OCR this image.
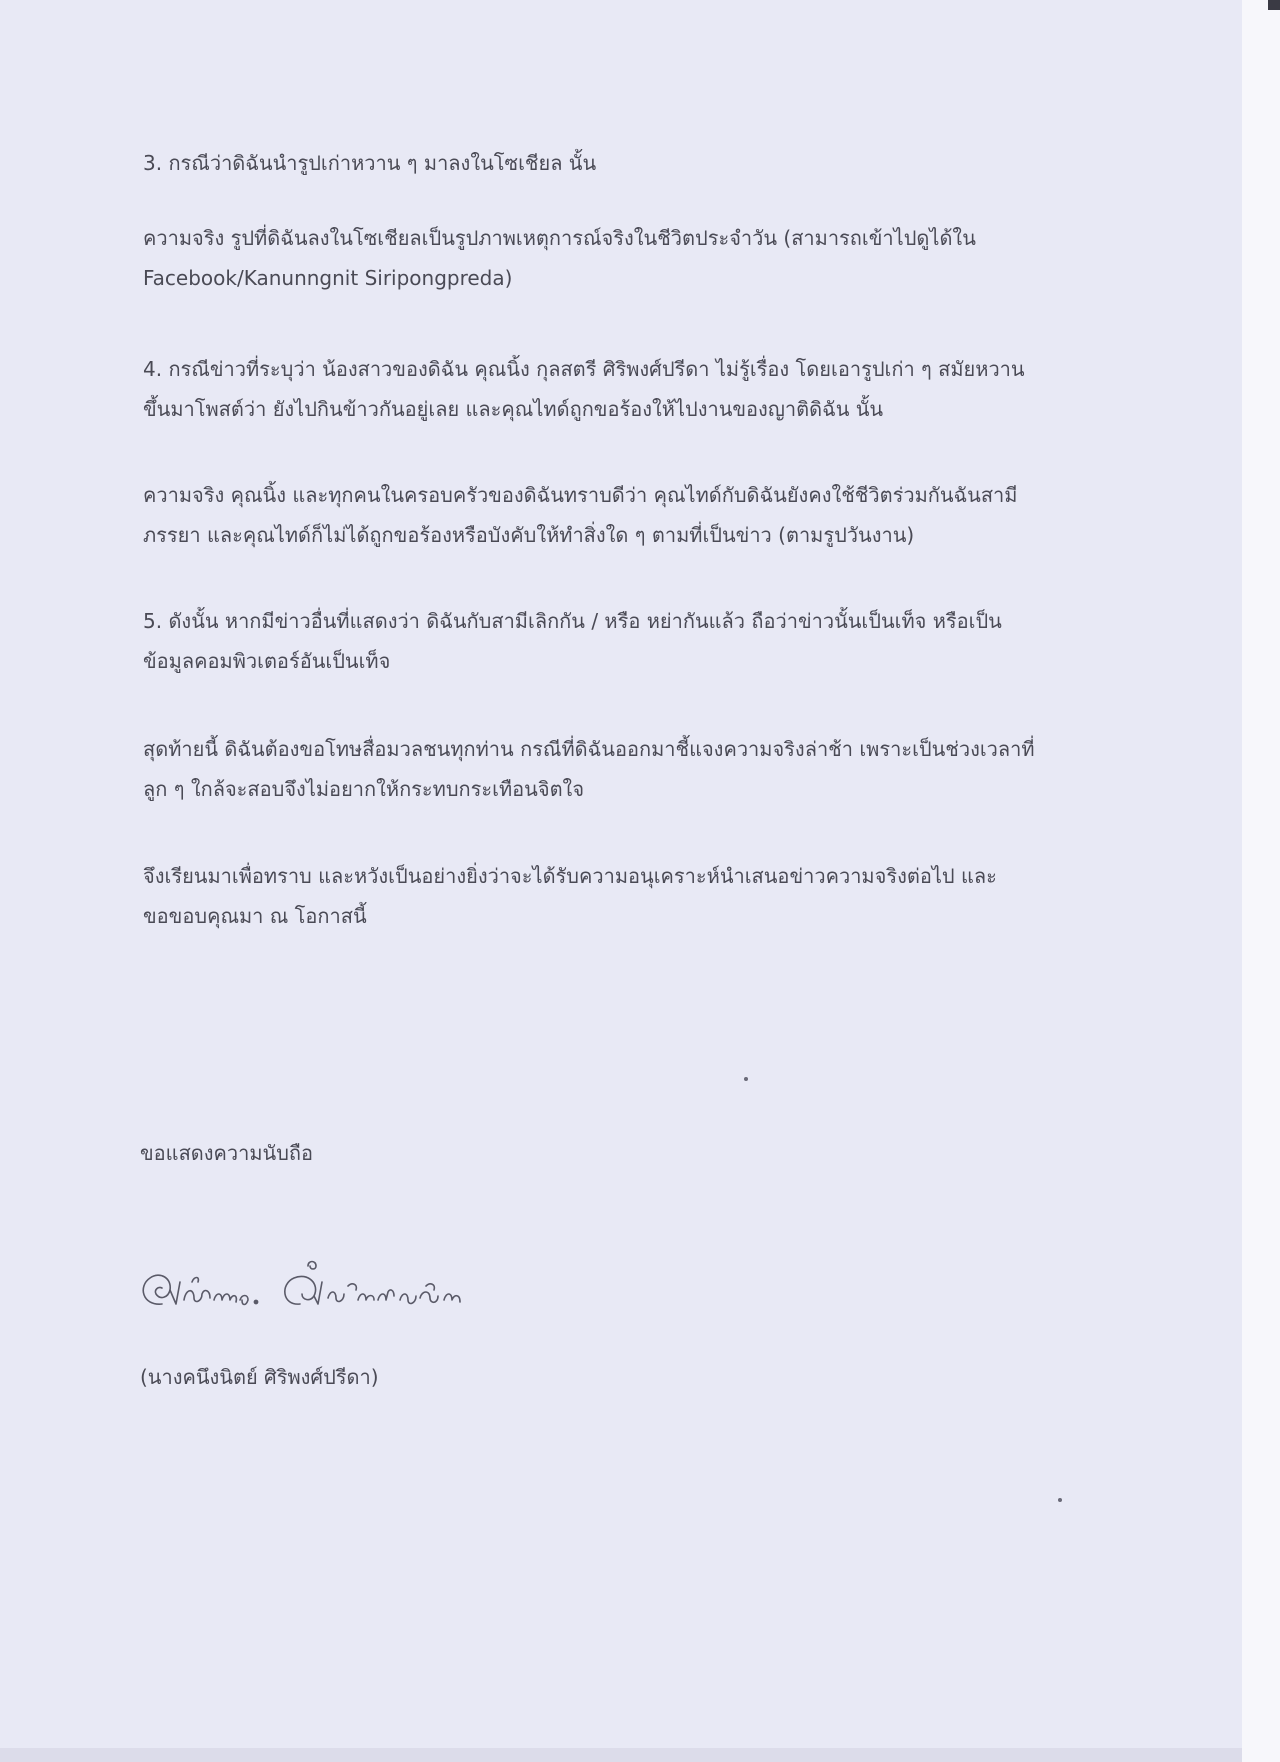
3. กรณีว่าดิฉันนำรูปเก่าหวาน ๆ มาลงในโซเชียล นั้น
ความจริง รูปที่ดิฉันลงในโซเชียลเป็นรูปภาพเหตุการณ์จริงในชีวิตประจำวัน (สามารถเข้าไปดูได้ใน
Facebook/Kanunngnit Siripongpreda)
4. กรณีข่าวที่ระบุว่า น้องสาวของดิฉัน คุณนิ้ง กุลสตรี ศิริพงศ์ปรีดา ไม่รู้เรื่อง โดยเอารูปเก่า ๆ สมัยหวาน
ขึ้นมาโพสต์ว่า ยังไปกินข้าวกันอยู่เลย และคุณไทด์ถูกขอร้องให้ไปงานของญาติดิฉัน นั้น
ความจริง คุณนิ้ง และทุกคนในครอบครัวของดิฉันทราบดีว่า คุณไทด์กับดิฉันยังคงใช้ชีวิตร่วมกันฉันสามี
ภรรยา และคุณไทด์ก็ไม่ได้ถูกขอร้องหรือบังคับให้ทำสิ่งใด ๆ ตามที่เป็นข่าว (ตามรูปวันงาน)
5. ดังนั้น หากมีข่าวอื่นที่แสดงว่า ดิฉันกับสามีเลิกกัน / หรือ หย่ากันแล้ว ถือว่าข่าวนั้นเป็นเท็จ หรือเป็น
ข้อมูลคอมพิวเตอร์อันเป็นเท็จ
สุดท้ายนี้ ดิฉันต้องขอโทษสื่อมวลชนทุกท่าน กรณีที่ดิฉันออกมาชี้แจงความจริงล่าช้า เพราะเป็นช่วงเวลาที่
ลูก ๆ ใกล้จะสอบจึงไม่อยากให้กระทบกระเทือนจิตใจ
จึงเรียนมาเพื่อทราบ และหวังเป็นอย่างยิ่งว่าจะได้รับความอนุเคราะห์นำเสนอข่าวความจริงต่อไป และ
ขอขอบคุณมา ณ โอกาสนี้
ขอแสดงความนับถือ
(นางคนึงนิตย์ ศิริพงศ์ปรีดา)
